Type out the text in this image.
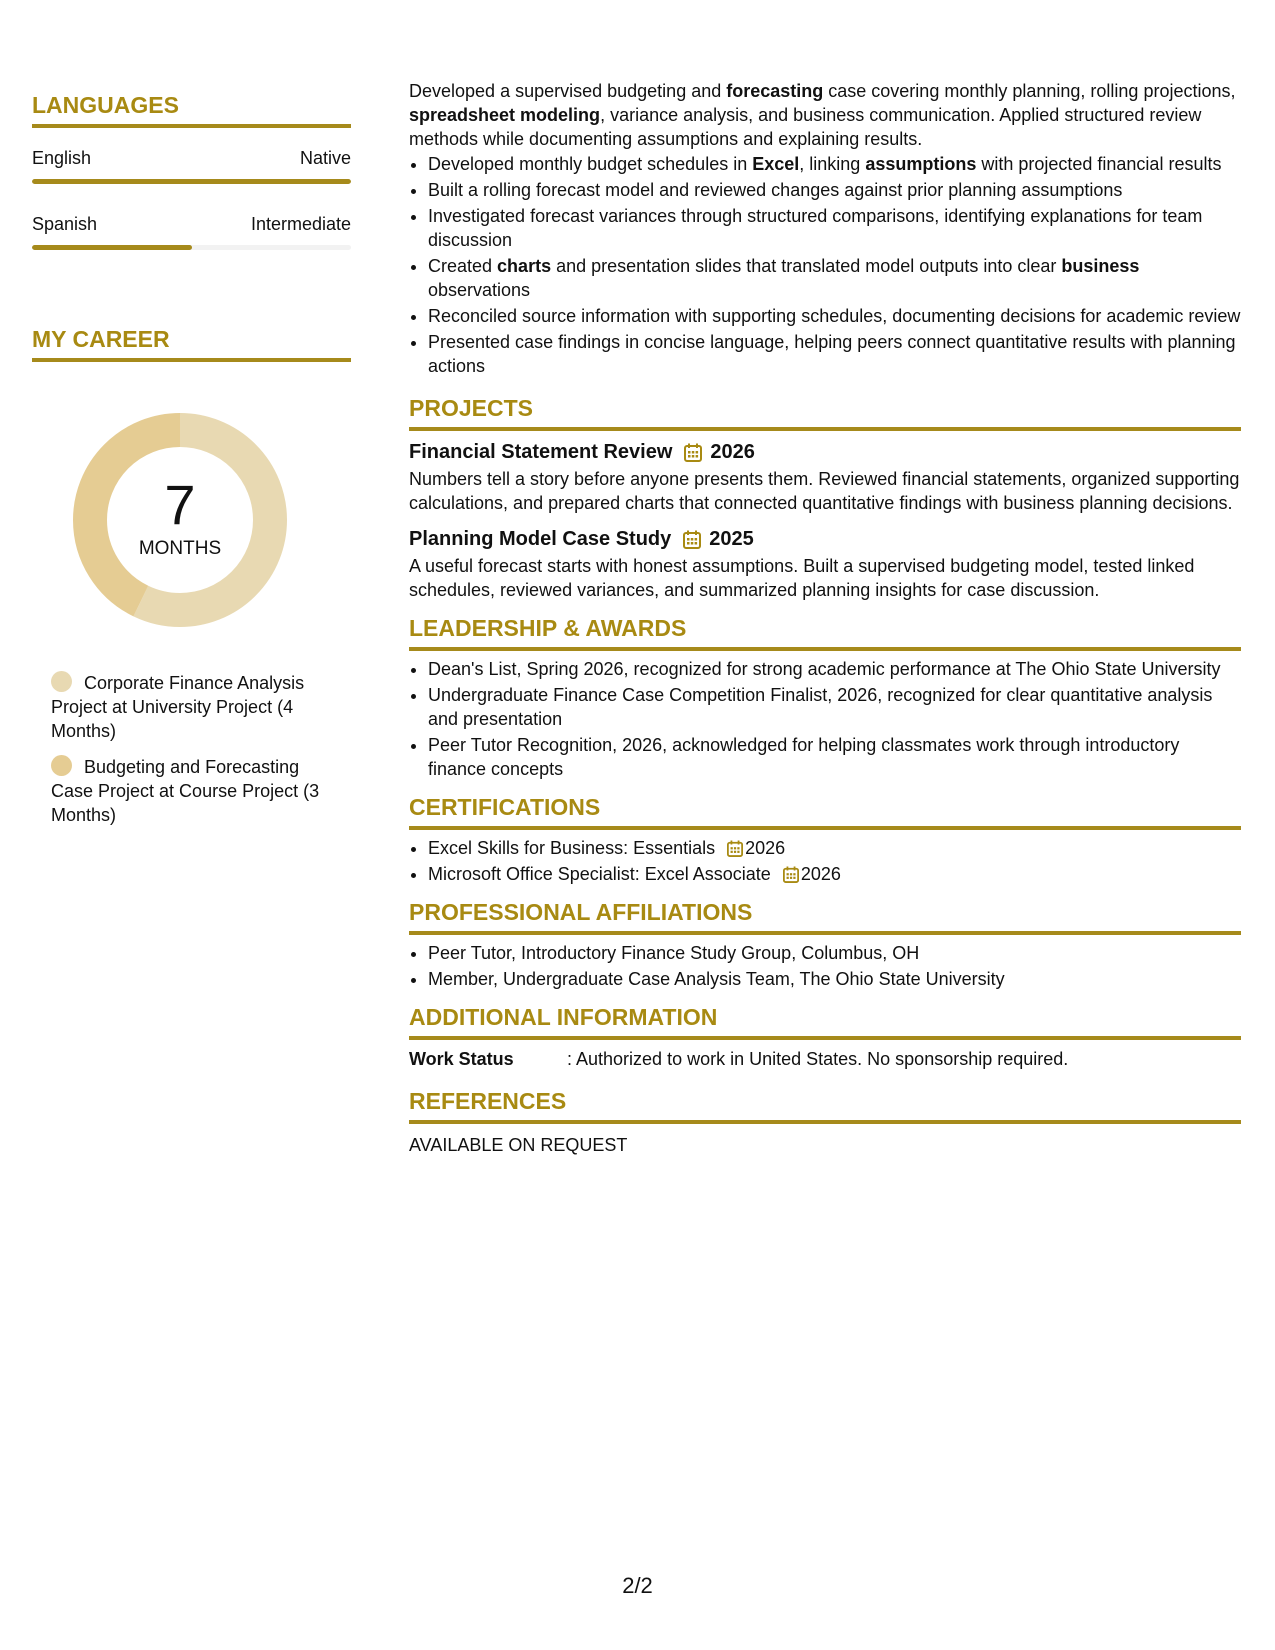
LANGUAGES
English	Native
Spanish	Intermediate
MY CAREER
7
MONTHS
Corporate Finance Analysis Project at University Project (4 Months)
Budgeting and Forecasting Case Project at Course Project (3 Months)

Developed a supervised budgeting and forecasting case covering monthly planning, rolling projections, spreadsheet modeling, variance analysis, and business communication. Applied structured review methods while documenting assumptions and explaining results.

• Developed monthly budget schedules in Excel, linking assumptions with projected financial results
• Built a rolling forecast model and reviewed changes against prior planning assumptions
• Investigated forecast variances through structured comparisons, identifying explanations for team discussion
• Created charts and presentation slides that translated model outputs into clear business observations
• Reconciled source information with supporting schedules, documenting decisions for academic review
• Presented case findings in concise language, helping peers connect quantitative results with planning actions
PROJECTS
Financial Statement Review 2026

Numbers tell a story before anyone presents them. Reviewed financial statements, organized supporting calculations, and prepared charts that connected quantitative findings with business planning decisions.

Planning Model Case Study 2025

A useful forecast starts with honest assumptions. Built a supervised budgeting model, tested linked schedules, reviewed variances, and summarized planning insights for case discussion.

LEADERSHIP & AWARDS
• Dean's List, Spring 2026, recognized for strong academic performance at The Ohio State University
• Undergraduate Finance Case Competition Finalist, 2026, recognized for clear quantitative analysis and presentation
• Peer Tutor Recognition, 2026, acknowledged for helping classmates work through introductory finance concepts
CERTIFICATIONS
• Excel Skills for Business: Essentials 2026
• Microsoft Office Specialist: Excel Associate 2026
PROFESSIONAL AFFILIATIONS
• Peer Tutor, Introductory Finance Study Group, Columbus, OH
• Member, Undergraduate Case Analysis Team, The Ohio State University
ADDITIONAL INFORMATION
Work Status	: Authorized to work in United States. No sponsorship required.
REFERENCES
AVAILABLE ON REQUEST
2/2
